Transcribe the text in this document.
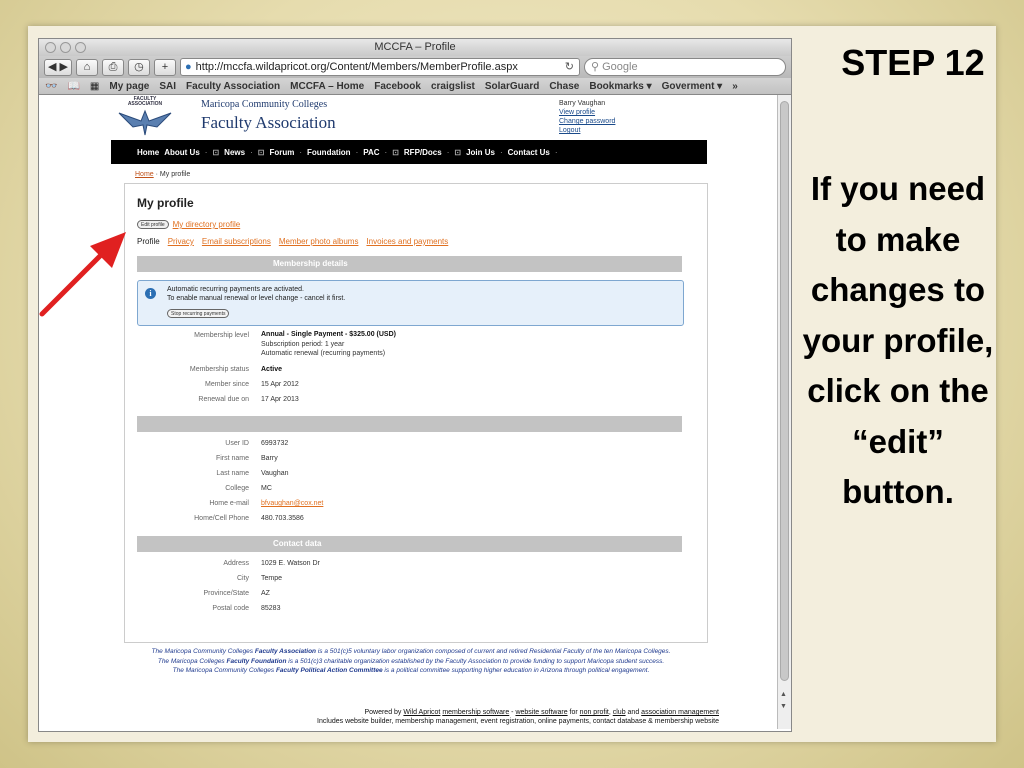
MCCFA – Profile
◀ ▶	⌂	⎙	◷	+	● http://mccfa.wildapricot.org/Content/Members/MemberProfile.aspx	↻	⚲ Google
👓 📖 ▦ My page SAI Faculty Association MCCFA – Home Facebook craigslist SolarGuard Chase Bookmarks ▾ Goverment ▾ »
FACULTY ASSOCIATION	Maricopa Community Colleges
Faculty Association
Barry Vaughan
View profile
Change password
Logout
Home About Us · ⊡ News · ⊡ Forum · Foundation · PAC · ⊡ RFP/Docs · ⊡ Join Us · Contact Us ·
Home · My profile
My profile
Edit profile	My directory profile
Profile Privacy Email subscriptions Member photo albums Invoices and payments
Membership details
i	Automatic recurring payments are activated.
To enable manual renewal or level change - cancel it first.
Stop recurring payments
Membership level Annual - Single Payment - $325.00 (USD)
Subscription period: 1 year
Automatic renewal (recurring payments)
Membership status Active
Member since 15 Apr 2012
Renewal due on 17 Apr 2013
User ID 6993732
First name Barry
Last name Vaughan
College MC
Home e-mail bfvaughan@cox.net
Home/Cell Phone 480.703.3586
Contact data
Address 1029 E. Watson Dr
City Tempe
Province/State AZ
Postal code 85283
The Maricopa Community Colleges Faculty Association is a 501(c)5 voluntary labor organization composed of current and retired Residential Faculty of the ten Maricopa Colleges.
The Maricopa Colleges Faculty Foundation is a 501(c)3 charitable organization established by the Faculty Association to provide funding to support Maricopa student success.
The Maricopa Community Colleges Faculty Political Action Committee is a political committee supporting higher education in Arizona through political engagement.
Powered by Wild Apricot membership software - website software for non profit, club and association management
Includes website builder, membership management, event registration, online payments, contact database & membership website
▲
▼
STEP 12
If you need to make changes to your profile, click on the “edit” button.
